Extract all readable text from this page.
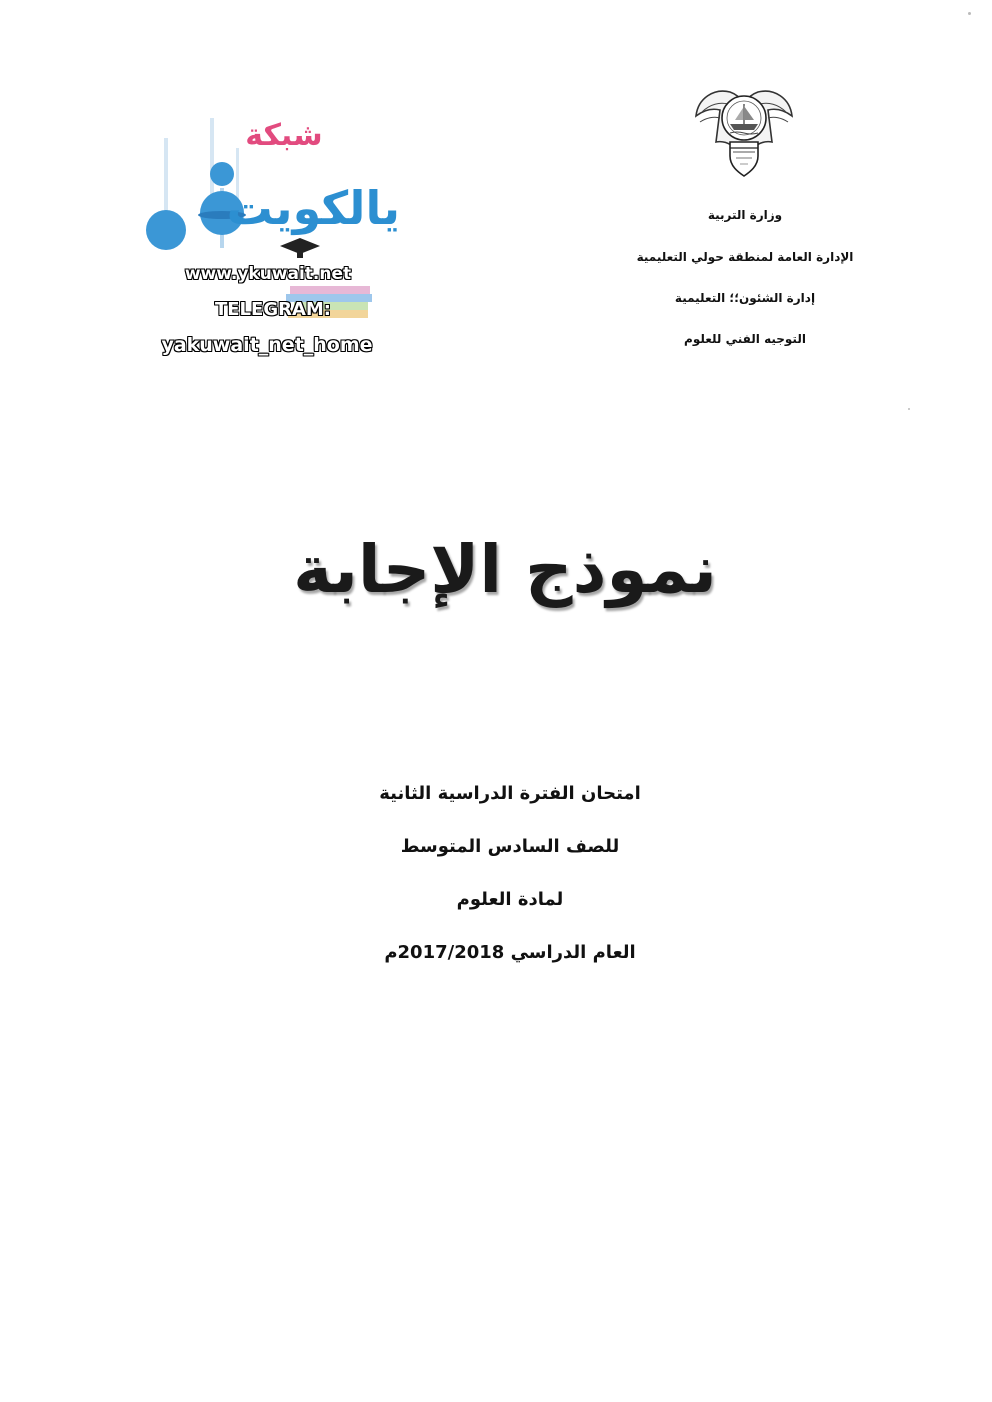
وزارة التربية

الإدارة العامة لمنطقة حولي التعليمية

إدارة الشئون؛؛ التعليمية

التوجيه الفني للعلوم

شبكة
يالكويت
www.ykuwait.net
TELEGRAM:
yakuwait_net_home
نموذج الإجابة
امتحان الفترة الدراسية الثانية
للصف السادس المتوسط
لمادة العلوم
العام الدراسي 2017/2018م
